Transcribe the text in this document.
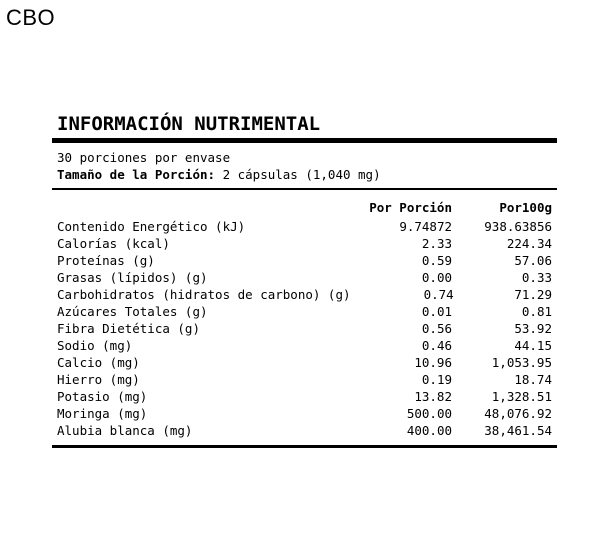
CBO
INFORMACIÓN NUTRIMENTAL
30 porciones por envase
Tamaño de la Porción: 2 cápsulas (1,040 mg)
Por Porción	Por100g
Contenido Energético (kJ)	9.74872	938.63856
Calorías (kcal)	2.33	224.34
Proteínas (g)	0.59	57.06
Grasas (lípidos) (g)	0.00	0.33
Carbohidratos (hidratos de carbono) (g)	0.74	71.29
Azúcares Totales (g)	0.01	0.81
Fibra Dietética (g)	0.56	53.92
Sodio (mg)	0.46	44.15
Calcio (mg)	10.96	1,053.95
Hierro (mg)	0.19	18.74
Potasio (mg)	13.82	1,328.51
Moringa (mg)	500.00	48,076.92
Alubia blanca (mg)	400.00	38,461.54
